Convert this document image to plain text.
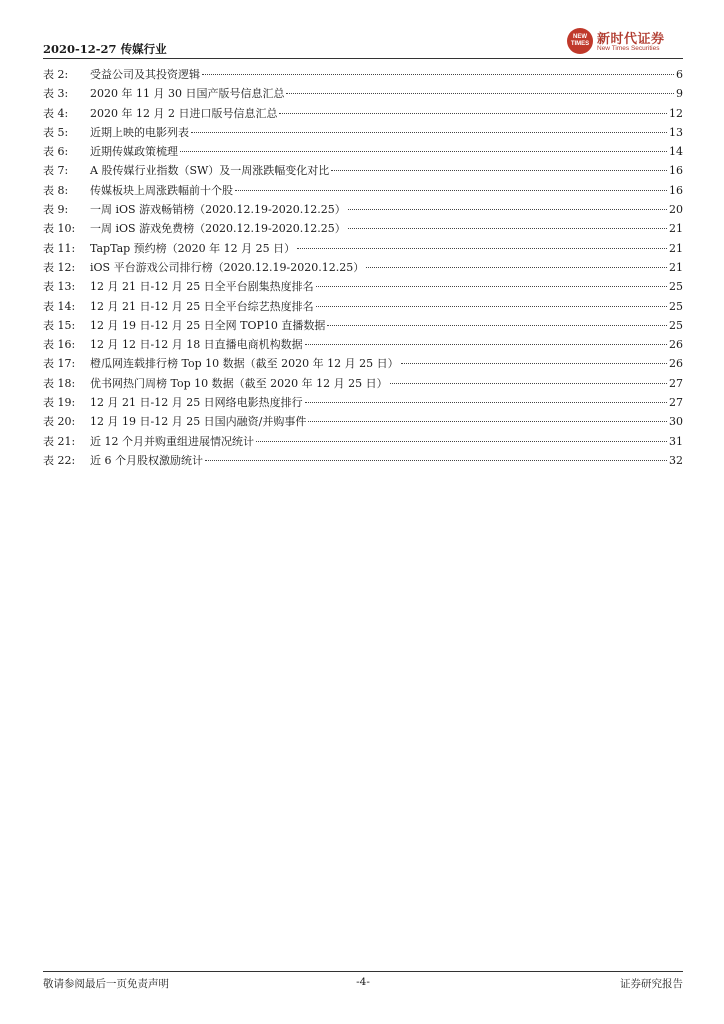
2020-12-27 传媒行业
NEW
TIMES 新时代证券
New Times Securities
表 2:	受益公司及其投资逻辑	6
表 3:	2020 年 11 月 30 日国产版号信息汇总	9
表 4:	2020 年 12 月 2 日进口版号信息汇总	12
表 5:	近期上映的电影列表	13
表 6:	近期传媒政策梳理	14
表 7:	A 股传媒行业指数（SW）及一周涨跌幅变化对比	16
表 8:	传媒板块上周涨跌幅前十个股	16
表 9:	一周 iOS 游戏畅销榜（2020.12.19-2020.12.25）	20
表 10:	一周 iOS 游戏免费榜（2020.12.19-2020.12.25）	21
表 11:	TapTap 预约榜（2020 年 12 月 25 日）	21
表 12:	iOS 平台游戏公司排行榜（2020.12.19-2020.12.25）	21
表 13:	12 月 21 日-12 月 25 日全平台剧集热度排名	25
表 14:	12 月 21 日-12 月 25 日全平台综艺热度排名	25
表 15:	12 月 19 日-12 月 25 日全网 TOP10 直播数据	25
表 16:	12 月 12 日-12 月 18 日直播电商机构数据	26
表 17:	橙瓜网连载排行榜 Top 10 数据（截至 2020 年 12 月 25 日）	26
表 18:	优书网热门周榜 Top 10 数据（截至 2020 年 12 月 25 日）	27
表 19:	12 月 21 日-12 月 25 日网络电影热度排行	27
表 20:	12 月 19 日-12 月 25 日国内融资/并购事件	30
表 21:	近 12 个月并购重组进展情况统计	31
表 22:	近 6 个月股权激励统计	32
敬请参阅最后一页免责声明	-4-	证券研究报告
